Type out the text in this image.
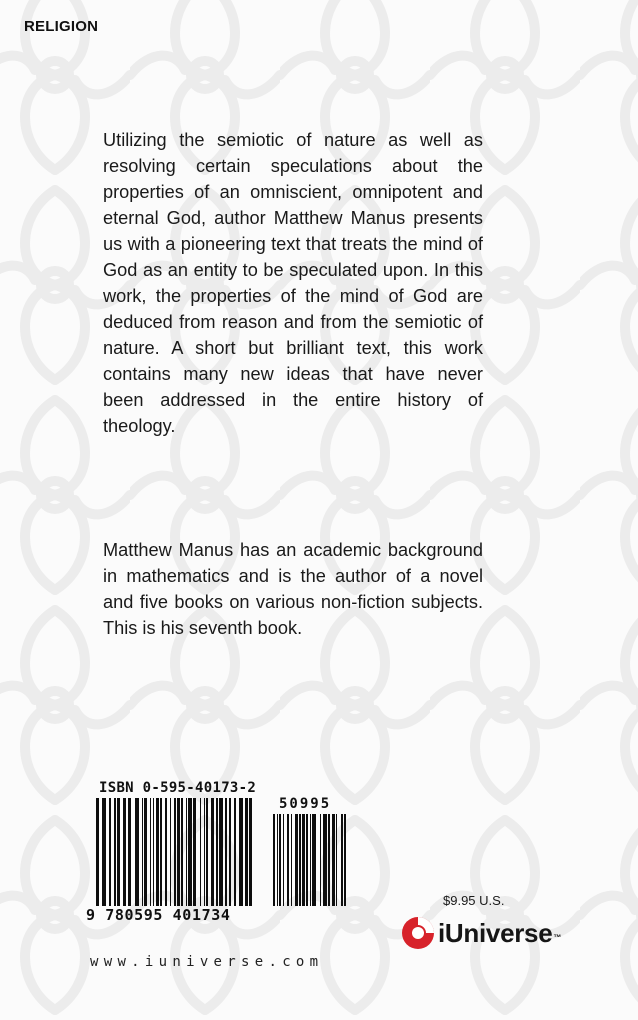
RELIGION

Utilizing the semiotic of nature as well as resolving certain speculations about the properties of an omniscient, omnipotent and eternal God, author Matthew Manus presents us with a pioneering text that treats the mind of God as an entity to be speculated upon. In this work, the properties of the mind of God are deduced from reason and from the semiotic of nature. A short but brilliant text, this work contains many new ideas that have never been addressed in the entire history of theology.

Matthew Manus has an academic background in mathematics and is the author of a novel and five books on various non-fiction subjects. This is his seventh book.

ISBN 0-595-40173-2
50995
9 780595 401734
$9.95 U.S.
iUniverse ™
www.iuniverse.com
